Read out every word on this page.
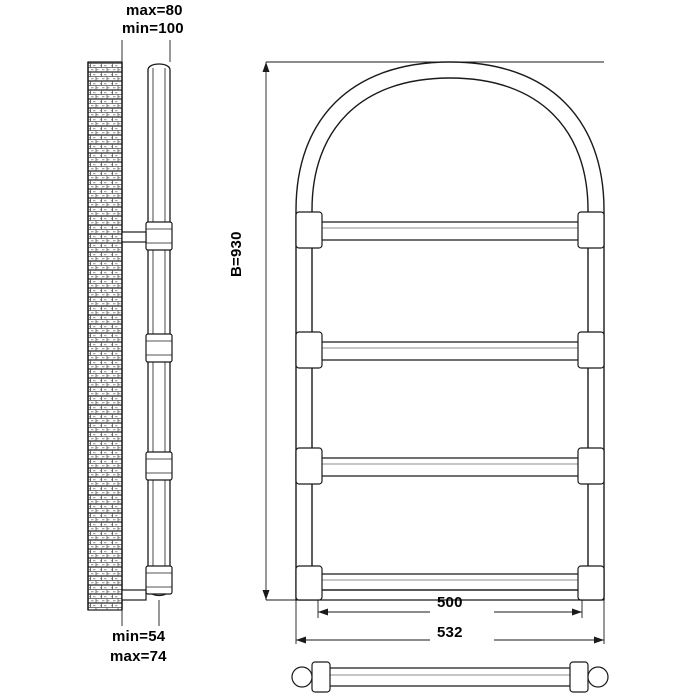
max=80
min=100
min=54
max=74
B=930
500
532
